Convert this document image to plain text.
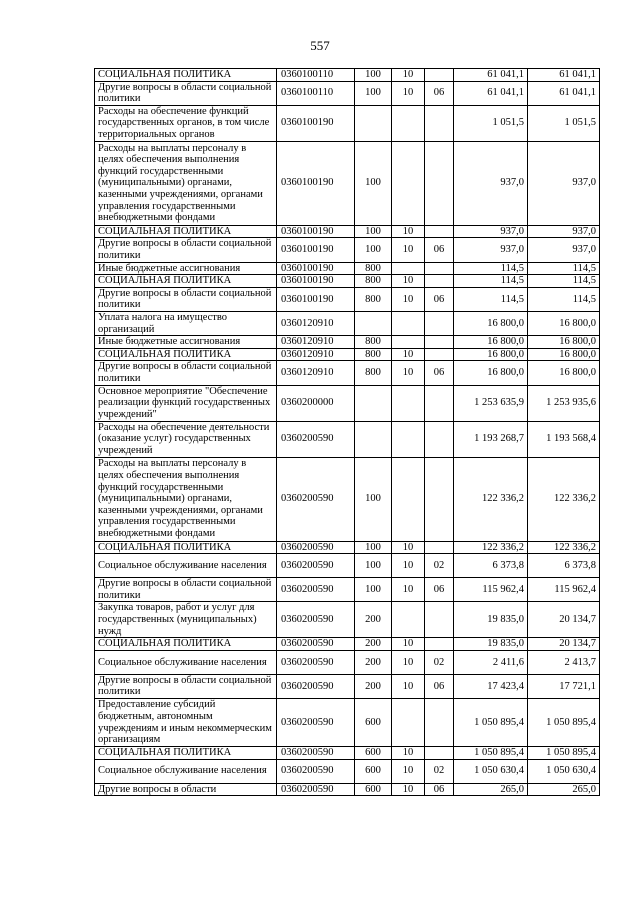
557
СОЦИАЛЬНАЯ ПОЛИТИКА	0360100110	100	10		61 041,1	61 041,1
Другие вопросы в области социальной политики	0360100110	100	10	06	61 041,1	61 041,1
Расходы на обеспечение функций государственных органов, в том числе территориальных органов	0360100190				1 051,5	1 051,5
Расходы на выплаты персоналу в целях обеспечения выполнения функций государственными (муниципальными) органами, казенными учреждениями, органами управления государственными внебюджетными фондами	0360100190	100			937,0	937,0
СОЦИАЛЬНАЯ ПОЛИТИКА	0360100190	100	10		937,0	937,0
Другие вопросы в области социальной политики	0360100190	100	10	06	937,0	937,0
Иные бюджетные ассигнования	0360100190	800			114,5	114,5
СОЦИАЛЬНАЯ ПОЛИТИКА	0360100190	800	10		114,5	114,5
Другие вопросы в области социальной политики	0360100190	800	10	06	114,5	114,5
Уплата налога на имущество организаций	0360120910				16 800,0	16 800,0
Иные бюджетные ассигнования	0360120910	800			16 800,0	16 800,0
СОЦИАЛЬНАЯ ПОЛИТИКА	0360120910	800	10		16 800,0	16 800,0
Другие вопросы в области социальной политики	0360120910	800	10	06	16 800,0	16 800,0
Основное мероприятие "Обеспечение реализации функций государственных учреждений"	0360200000				1 253 635,9	1 253 935,6
Расходы на обеспечение деятельности (оказание услуг) государственных учреждений	0360200590				1 193 268,7	1 193 568,4
Расходы на выплаты персоналу в целях обеспечения выполнения функций государственными (муниципальными) органами, казенными учреждениями, органами управления государственными внебюджетными фондами	0360200590	100			122 336,2	122 336,2
СОЦИАЛЬНАЯ ПОЛИТИКА	0360200590	100	10		122 336,2	122 336,2
Социальное обслуживание населения	0360200590	100	10	02	6 373,8	6 373,8
Другие вопросы в области социальной политики	0360200590	100	10	06	115 962,4	115 962,4
Закупка товаров, работ и услуг для государственных (муниципальных) нужд	0360200590	200			19 835,0	20 134,7
СОЦИАЛЬНАЯ ПОЛИТИКА	0360200590	200	10		19 835,0	20 134,7
Социальное обслуживание населения	0360200590	200	10	02	2 411,6	2 413,7
Другие вопросы в области социальной политики	0360200590	200	10	06	17 423,4	17 721,1
Предоставление субсидий бюджетным, автономным учреждениям и иным некоммерческим организациям	0360200590	600			1 050 895,4	1 050 895,4
СОЦИАЛЬНАЯ ПОЛИТИКА	0360200590	600	10		1 050 895,4	1 050 895,4
Социальное обслуживание населения	0360200590	600	10	02	1 050 630,4	1 050 630,4
Другие вопросы в области	0360200590	600	10	06	265,0	265,0
